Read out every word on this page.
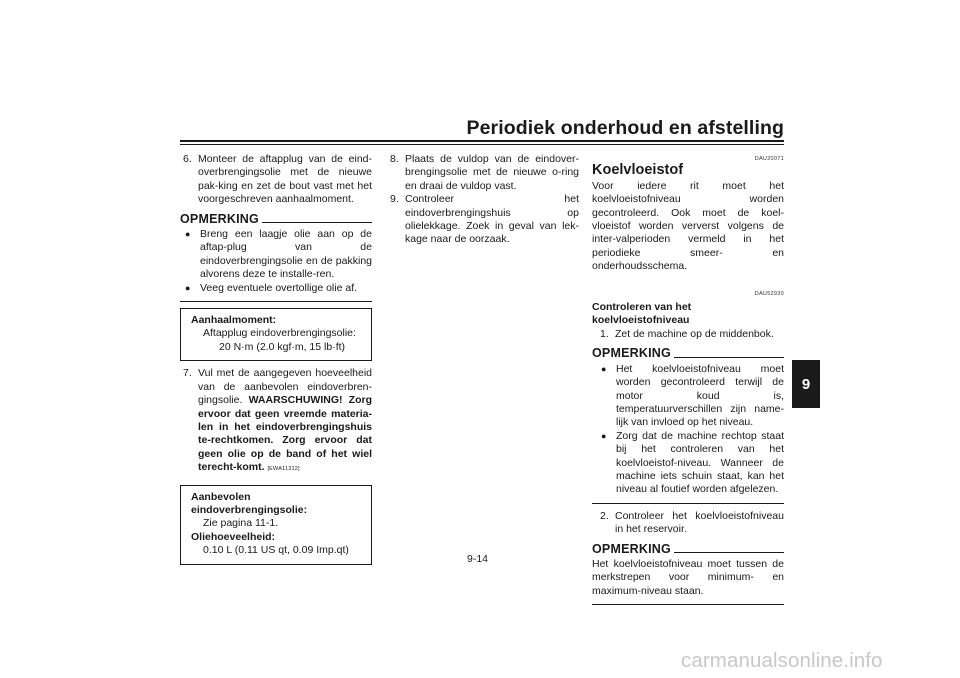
Periodiek onderhoud en afstelling
9
6. Monteer de aftapplug van de eind-overbrengingsolie met de nieuwe pak-king en zet de bout vast met het voorgeschreven aanhaalmoment.
OPMERKING
● Breng een laagje olie aan op de aftap-plug van de eindoverbrengingsolie en de pakking alvorens deze te installe-ren.
● Veeg eventuele overtollige olie af.
Aanhaalmoment:
Aftapplug eindoverbrengingsolie:
20 N·m (2.0 kgf·m, 15 lb·ft)
7. Vul met de aangegeven hoeveelheid van de aanbevolen eindoverbren-gingsolie. WAARSCHUWING! Zorg ervoor dat geen vreemde materia-len in het eindoverbrengingshuis te-rechtkomen. Zorg ervoor dat geen olie op de band of het wiel terecht-komt. [EWA11312]
Aanbevolen eindoverbrengingsolie:
Zie pagina 11-1.
Oliehoeveelheid:
0.10 L (0.11 US qt, 0.09 Imp.qt)
8. Plaats de vuldop van de eindover-brengingsolie met de nieuwe o-ring en draai de vuldop vast.
9. Controleer het eindoverbrengingshuis op olielekkage. Zoek in geval van lek-kage naar de oorzaak.
DAU20071
Koelvloeistof
Voor iedere rit moet het koelvloeistofniveau worden gecontroleerd. Ook moet de koel-vloeistof worden ververst volgens de inter-valperioden vermeld in het periodieke smeer- en onderhoudsschema.
DAU52930
Controleren van het koelvloeistofniveau
1. Zet de machine op de middenbok.
OPMERKING
● Het koelvloeistofniveau moet worden gecontroleerd terwijl de motor koud is, temperatuurverschillen zijn name-lijk van invloed op het niveau.
● Zorg dat de machine rechtop staat bij het controleren van het koelvloeistof-niveau. Wanneer de machine iets schuin staat, kan het niveau al foutief worden afgelezen.
2. Controleer het koelvloeistofniveau in het reservoir.
OPMERKING
Het koelvloeistofniveau moet tussen de merkstrepen voor minimum- en maximum-niveau staan.
9-14
carmanualsonline.info
